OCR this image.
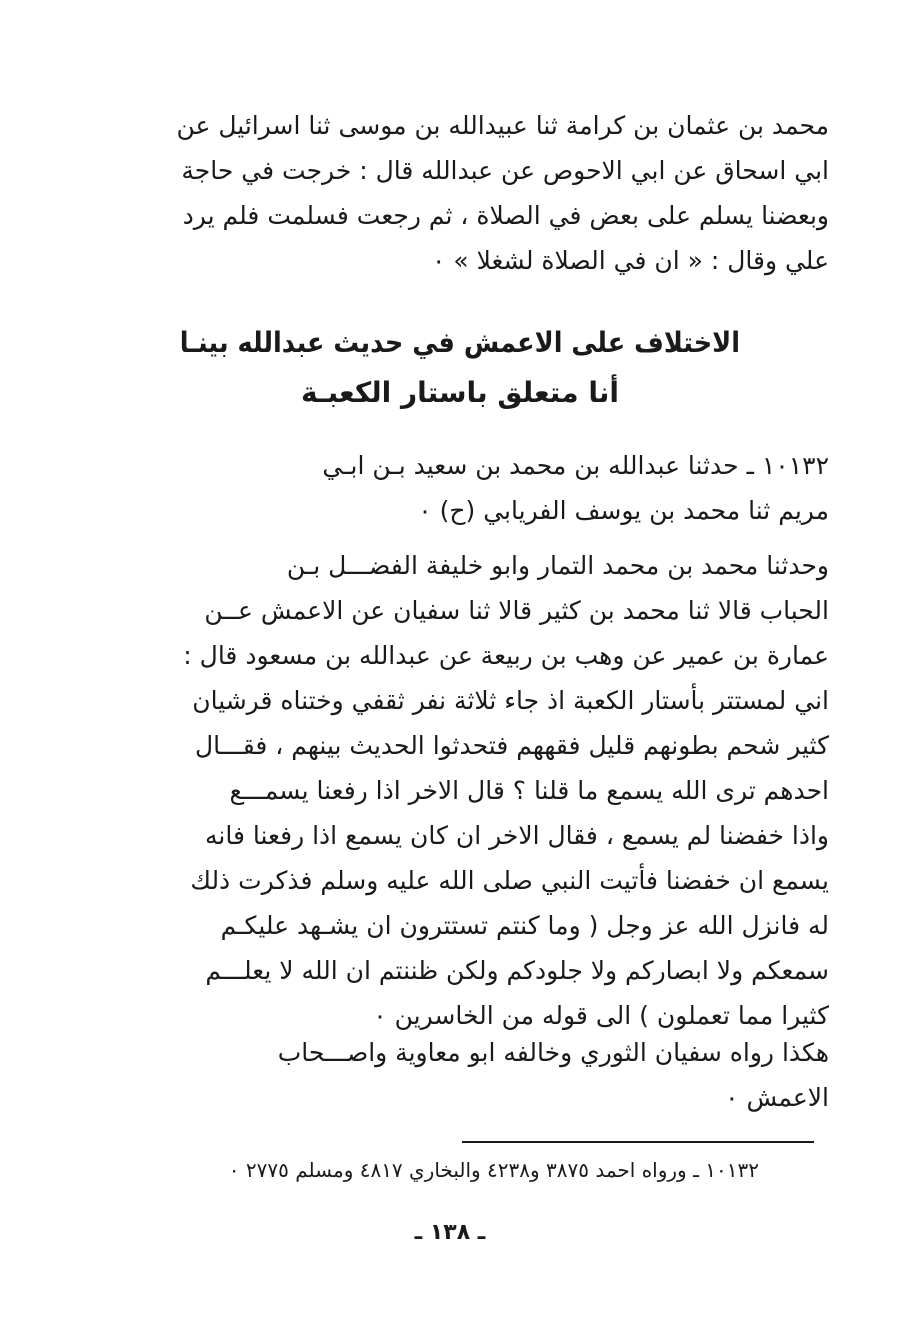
محمد بن عثمان بن كرامة ثنا عبيدالله بن موسى ثنا اسرائيل عن
ابي اسحاق عن ابي الاحوص عن عبدالله قال : خرجت في حاجة
وبعضنا يسلم على بعض في الصلاة ، ثم رجعت فسلمت فلم يرد
علي وقال : « ان في الصلاة لشغلا » ٠
الاختلاف على الاعمش في حديث عبدالله بينـا
أنا متعلق باستار الكعبـة
١٠١٣٢ ـ حدثنا عبدالله بن محمد بن سعيد بـن ابـي
مريم ثنا محمد بن يوسف الفريابي (ح) ٠
وحدثنا محمد بن محمد التمار وابو خليفة الفضـــل بـن
الحباب قالا ثنا محمد بن كثير قالا ثنا سفيان عن الاعمش عــن
عمارة بن عمير عن وهب بن ربيعة عن عبدالله بن مسعود قال :
اني لمستتر بأستار الكعبة اذ جاء ثلاثة نفر ثقفي وختناه قرشيان
كثير شحم بطونهم قليل فقههم فتحدثوا الحديث بينهم ، فقـــال
احدهم ترى الله يسمع ما قلنا ؟ قال الاخر اذا رفعنا يسمـــع
واذا خفضنا لم يسمع ، فقال الاخر ان كان يسمع اذا رفعنا فانه
يسمع ان خفضنا فأتيت النبي صلى الله عليه وسلم فذكرت ذلك
له فانزل الله عز وجل ( وما كنتم تستترون ان يشـهد عليكـم
سمعكم ولا ابصاركم ولا جلودكم ولكن ظننتم ان الله لا يعلـــم
كثيرا مما تعملون ) الى قوله من الخاسرين ٠
هكذا رواه سفيان الثوري وخالفه ابو معاوية واصـــحاب
الاعمش ٠
١٠١٣٢ ـ ورواه احمد ٣٨٧٥ و٤٢٣٨ والبخاري ٤٨١٧ ومسلم ٢٧٧٥ ٠
ـ ١٣٨ ـ
